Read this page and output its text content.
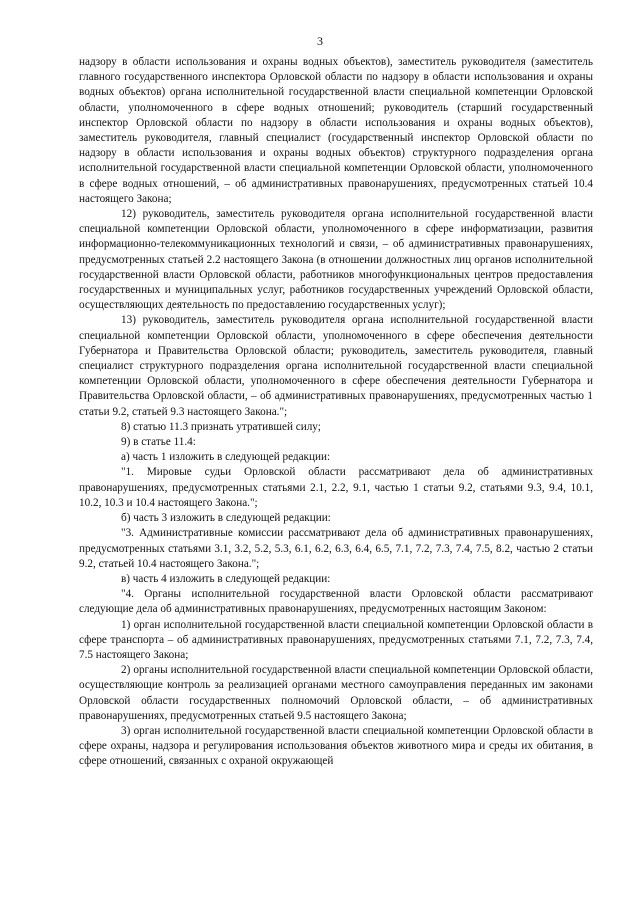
3

надзору в области использования и охраны водных объектов), заместитель руководителя (заместитель главного государственного инспектора Орловской области по надзору в области использования и охраны водных объектов) органа исполнительной государственной власти специальной компетенции Орловской области, уполномоченного в сфере водных отношений; руководитель (старший государственный инспектор Орловской области по надзору в области использования и охраны водных объектов), заместитель руководителя, главный специалист (государственный инспектор Орловской области по надзору в области использования и охраны водных объектов) структурного подразделения органа исполнительной государственной власти специальной компетенции Орловской области, уполномоченного в сфере водных отношений, – об административных правонарушениях, предусмотренных статьей 10.4 настоящего Закона;

12) руководитель, заместитель руководителя органа исполнительной государственной власти специальной компетенции Орловской области, уполномоченного в сфере информатизации, развития информационно-телекоммуникационных технологий и связи, – об административных правонарушениях, предусмотренных статьей 2.2 настоящего Закона (в отношении должностных лиц органов исполнительной государственной власти Орловской области, работников многофункциональных центров предоставления государственных и муниципальных услуг, работников государственных учреждений Орловской области, осуществляющих деятельность по предоставлению государственных услуг);

13) руководитель, заместитель руководителя органа исполнительной государственной власти специальной компетенции Орловской области, уполномоченного в сфере обеспечения деятельности Губернатора и Правительства Орловской области; руководитель, заместитель руководителя, главный специалист структурного подразделения органа исполнительной государственной власти специальной компетенции Орловской области, уполномоченного в сфере обеспечения деятельности Губернатора и Правительства Орловской области, – об административных правонарушениях, предусмотренных частью 1 статьи 9.2, статьей 9.3 настоящего Закона.";

8) статью 11.3 признать утратившей силу;

9) в статье 11.4:

а) часть 1 изложить в следующей редакции:

"1. Мировые судьи Орловской области рассматривают дела об административных правонарушениях, предусмотренных статьями 2.1, 2.2, 9.1, частью 1 статьи 9.2, статьями 9.3, 9.4, 10.1, 10.2, 10.3 и 10.4 настоящего Закона.";

б) часть 3 изложить в следующей редакции:

"3. Административные комиссии рассматривают дела об административных правонарушениях, предусмотренных статьями 3.1, 3.2, 5.2, 5.3, 6.1, 6.2, 6.3, 6.4, 6.5, 7.1, 7.2, 7.3, 7.4, 7.5, 8.2, частью 2 статьи 9.2, статьей 10.4 настоящего Закона.";

в) часть 4 изложить в следующей редакции:

"4. Органы исполнительной государственной власти Орловской области рассматривают следующие дела об административных правонарушениях, предусмотренных настоящим Законом:

1) орган исполнительной государственной власти специальной компетенции Орловской области в сфере транспорта – об административных правонарушениях, предусмотренных статьями 7.1, 7.2, 7.3, 7.4, 7.5 настоящего Закона;

2) органы исполнительной государственной власти специальной компетенции Орловской области, осуществляющие контроль за реализацией органами местного самоуправления переданных им законами Орловской области государственных полномочий Орловской области, – об административных правонарушениях, предусмотренных статьей 9.5 настоящего Закона;

3) орган исполнительной государственной власти специальной компетенции Орловской области в сфере охраны, надзора и регулирования использования объектов животного мира и среды их обитания, в сфере отношений, связанных с охраной окружающей
